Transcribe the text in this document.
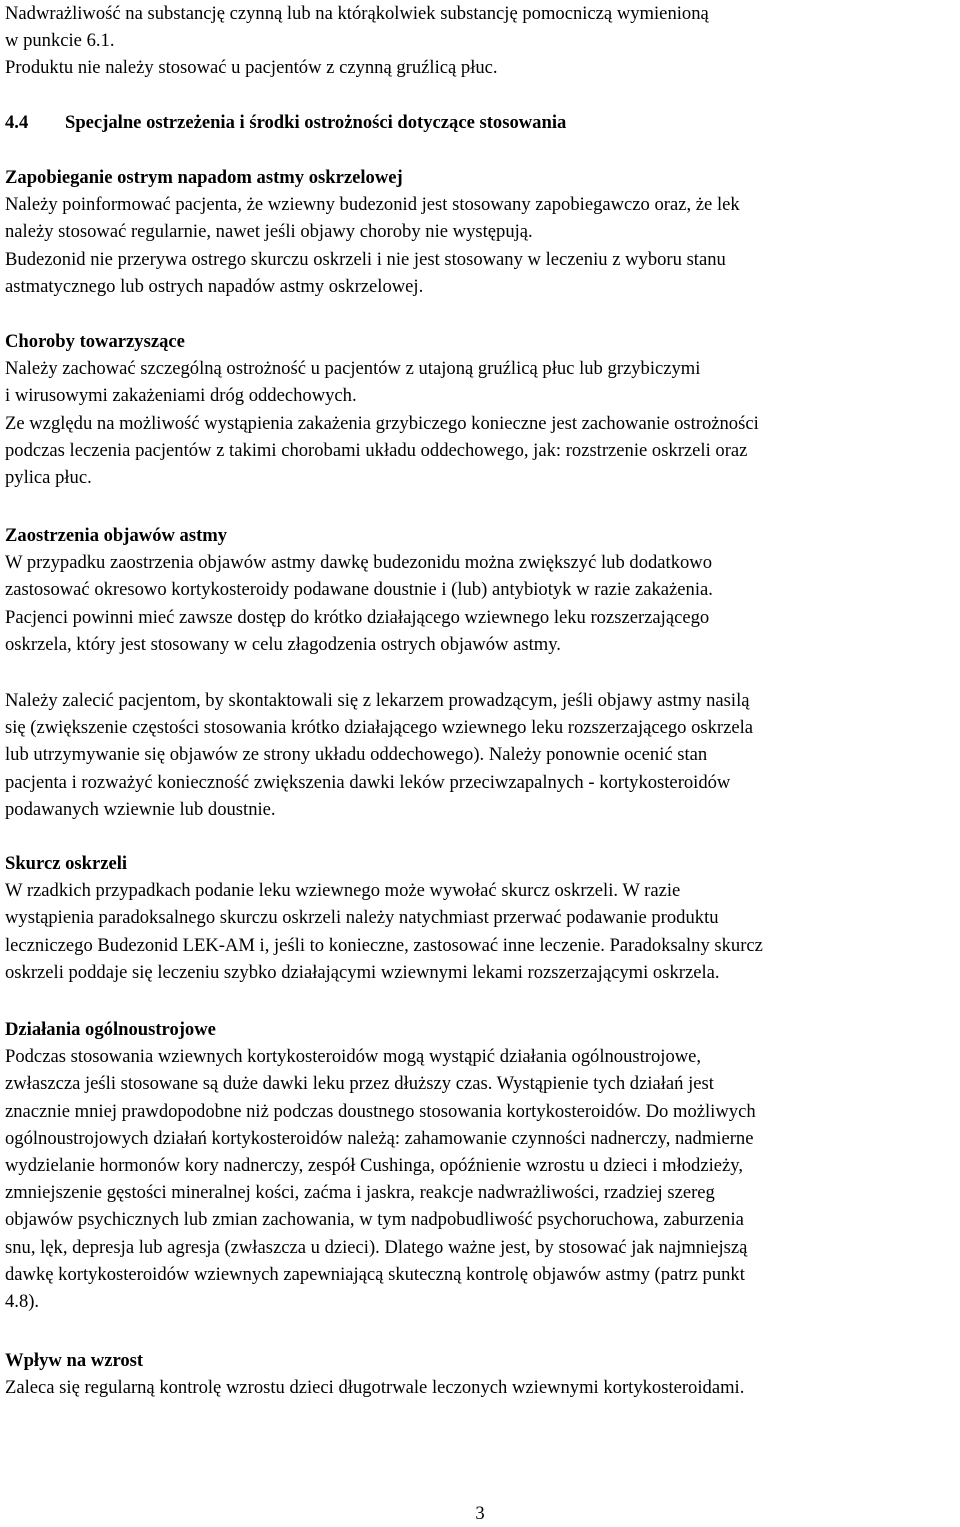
Nadwrażliwość na substancję czynną lub na którąkolwiek substancję pomocniczą wymienioną
w punkcie 6.1.
Produktu nie należy stosować u pacjentów z czynną gruźlicą płuc.
4.4 Specjalne ostrzeżenia i środki ostrożności dotyczące stosowania
Zapobieganie ostrym napadom astmy oskrzelowej
Należy poinformować pacjenta, że wziewny budezonid jest stosowany zapobiegawczo oraz, że lek
należy stosować regularnie, nawet jeśli objawy choroby nie występują.
Budezonid nie przerywa ostrego skurczu oskrzeli i nie jest stosowany w leczeniu z wyboru stanu
astmatycznego lub ostrych napadów astmy oskrzelowej.
Choroby towarzyszące
Należy zachować szczególną ostrożność u pacjentów z utajoną gruźlicą płuc lub grzybiczymi
i wirusowymi zakażeniami dróg oddechowych.
Ze względu na możliwość wystąpienia zakażenia grzybiczego konieczne jest zachowanie ostrożności
podczas leczenia pacjentów z takimi chorobami układu oddechowego, jak: rozstrzenie oskrzeli oraz
pylica płuc.
Zaostrzenia objawów astmy
W przypadku zaostrzenia objawów astmy dawkę budezonidu można zwiększyć lub dodatkowo
zastosować okresowo kortykosteroidy podawane doustnie i (lub) antybiotyk w razie zakażenia.
Pacjenci powinni mieć zawsze dostęp do krótko działającego wziewnego leku rozszerzającego
oskrzela, który jest stosowany w celu złagodzenia ostrych objawów astmy.
Należy zalecić pacjentom, by skontaktowali się z lekarzem prowadzącym, jeśli objawy astmy nasilą
się (zwiększenie częstości stosowania krótko działającego wziewnego leku rozszerzającego oskrzela
lub utrzymywanie się objawów ze strony układu oddechowego). Należy ponownie ocenić stan
pacjenta i rozważyć konieczność zwiększenia dawki leków przeciwzapalnych - kortykosteroidów
podawanych wziewnie lub doustnie.
Skurcz oskrzeli
W rzadkich przypadkach podanie leku wziewnego może wywołać skurcz oskrzeli. W razie
wystąpienia paradoksalnego skurczu oskrzeli należy natychmiast przerwać podawanie produktu
leczniczego Budezonid LEK-AM i, jeśli to konieczne, zastosować inne leczenie. Paradoksalny skurcz
oskrzeli poddaje się leczeniu szybko działającymi wziewnymi lekami rozszerzającymi oskrzela.
Działania ogólnoustrojowe
Podczas stosowania wziewnych kortykosteroidów mogą wystąpić działania ogólnoustrojowe,
zwłaszcza jeśli stosowane są duże dawki leku przez dłuższy czas. Wystąpienie tych działań jest
znacznie mniej prawdopodobne niż podczas doustnego stosowania kortykosteroidów. Do możliwych
ogólnoustrojowych działań kortykosteroidów należą: zahamowanie czynności nadnerczy, nadmierne
wydzielanie hormonów kory nadnerczy, zespół Cushinga, opóźnienie wzrostu u dzieci i młodzieży,
zmniejszenie gęstości mineralnej kości, zaćma i jaskra, reakcje nadwrażliwości, rzadziej szereg
objawów psychicznych lub zmian zachowania, w tym nadpobudliwość psychoruchowa, zaburzenia
snu, lęk, depresja lub agresja (zwłaszcza u dzieci). Dlatego ważne jest, by stosować jak najmniejszą
dawkę kortykosteroidów wziewnych zapewniającą skuteczną kontrolę objawów astmy (patrz punkt
4.8).
Wpływ na wzrost
Zaleca się regularną kontrolę wzrostu dzieci długotrwale leczonych wziewnymi kortykosteroidami.
3
